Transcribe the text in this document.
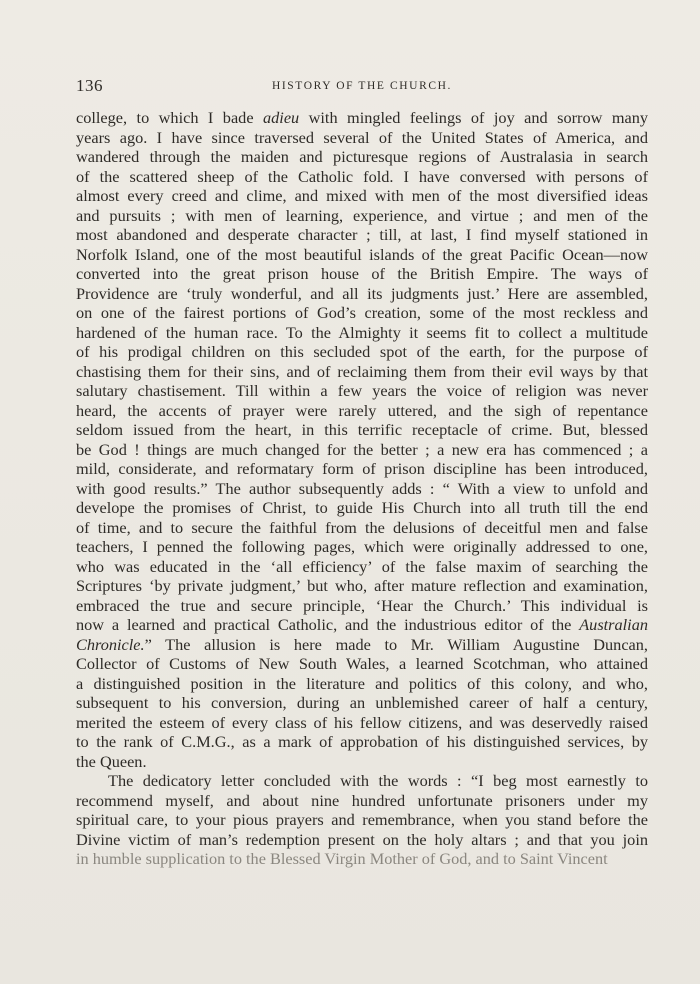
136	HISTORY OF THE CHURCH.
college, to which I bade adieu with mingled feelings of joy and sorrow many
years ago. I have since traversed several of the United States of America, and
wandered through the maiden and picturesque regions of Australasia in search
of the scattered sheep of the Catholic fold. I have conversed with persons of
almost every creed and clime, and mixed with men of the most diversified ideas
and pursuits ; with men of learning, experience, and virtue ; and men of the
most abandoned and desperate character ; till, at last, I find myself stationed in
Norfolk Island, one of the most beautiful islands of the great Pacific Ocean—now
converted into the great prison house of the British Empire. The ways of
Providence are ‘truly wonderful, and all its judgments just.’ Here are assembled,
on one of the fairest portions of God’s creation, some of the most reckless and
hardened of the human race. To the Almighty it seems fit to collect a multitude
of his prodigal children on this secluded spot of the earth, for the purpose of
chastising them for their sins, and of reclaiming them from their evil ways by that
salutary chastisement. Till within a few years the voice of religion was never
heard, the accents of prayer were rarely uttered, and the sigh of repentance
seldom issued from the heart, in this terrific receptacle of crime. But, blessed
be God ! things are much changed for the better ; a new era has commenced ; a
mild, considerate, and reformatary form of prison discipline has been introduced,
with good results.” The author subsequently adds : “ With a view to unfold and
develope the promises of Christ, to guide His Church into all truth till the end
of time, and to secure the faithful from the delusions of deceitful men and false
teachers, I penned the following pages, which were originally addressed to one,
who was educated in the ‘all efficiency’ of the false maxim of searching the
Scriptures ‘by private judgment,’ but who, after mature reflection and examination,
embraced the true and secure principle, ‘Hear the Church.’ This individual is
now a learned and practical Catholic, and the industrious editor of the Australian
Chronicle.” The allusion is here made to Mr. William Augustine Duncan,
Collector of Customs of New South Wales, a learned Scotchman, who attained
a distinguished position in the literature and politics of this colony, and who,
subsequent to his conversion, during an unblemished career of half a century,
merited the esteem of every class of his fellow citizens, and was deservedly raised
to the rank of C.M.G., as a mark of approbation of his distinguished services, by
the Queen.
The dedicatory letter concluded with the words : “I beg most earnestly to
recommend myself, and about nine hundred unfortunate prisoners under my
spiritual care, to your pious prayers and remembrance, when you stand before the
Divine victim of man’s redemption present on the holy altars ; and that you join
in humble supplication to the Blessed Virgin Mother of God, and to Saint Vincent
